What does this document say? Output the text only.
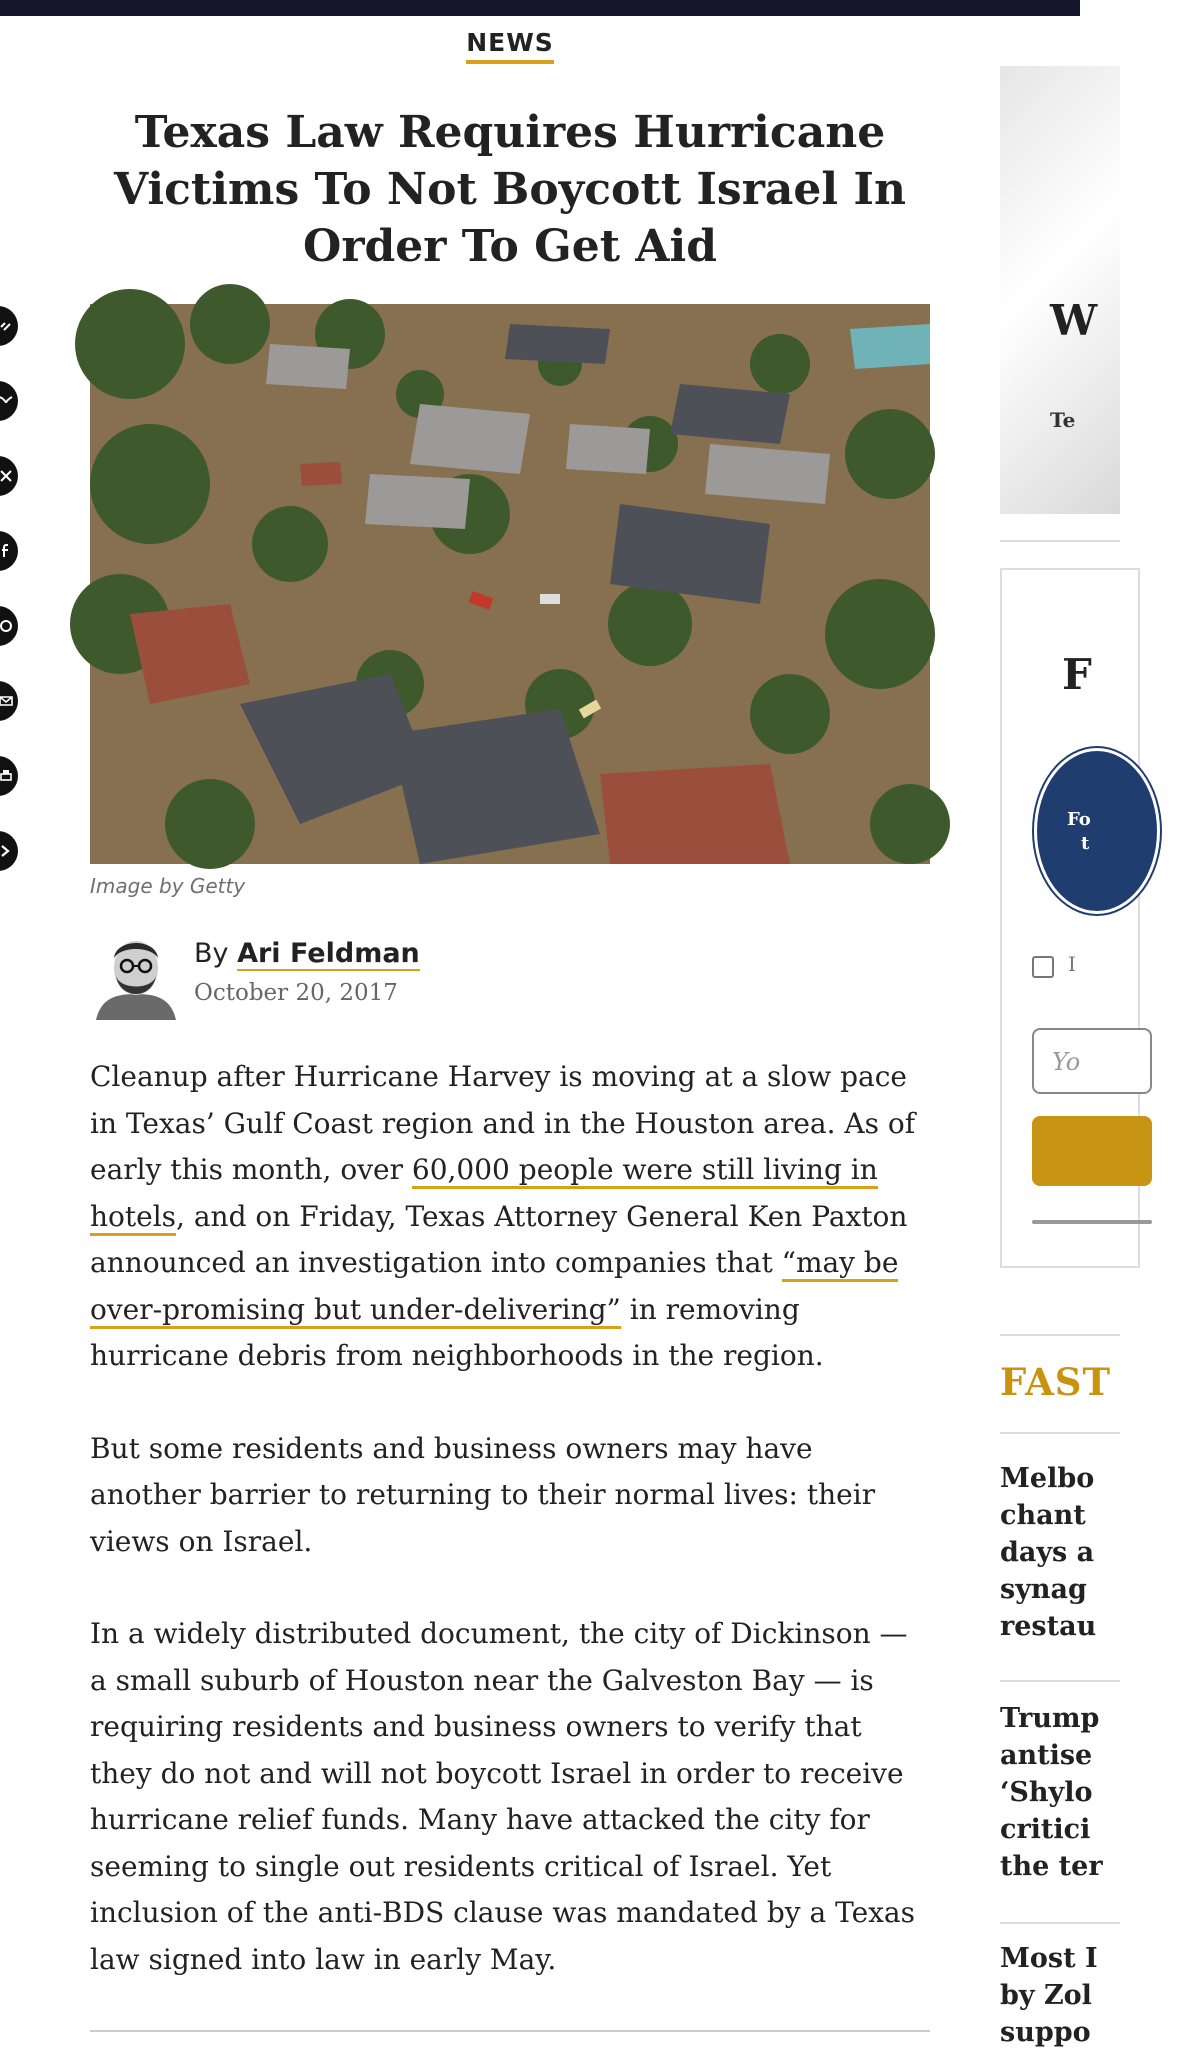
NEWS
Texas Law Requires Hurricane Victims To Not Boycott Israel In Order To Get Aid
Image by Getty
By Ari Feldman
October 20, 2017

Cleanup after Hurricane Harvey is moving at a slow pace in Texas’ Gulf Coast region and in the Houston area. As of early this month, over 60,000 people were still living in hotels, and on Friday, Texas Attorney General Ken Paxton announced an investigation into companies that “may be over-promising but under-delivering” in removing hurricane debris from neighborhoods in the region.

But some residents and business owners may have another barrier to returning to their normal lives: their views on Israel.

In a widely distributed document, the city of Dickinson — a small suburb of Houston near the Galveston Bay — is requiring residents and business owners to verify that they do not and will not boycott Israel in order to receive hurricane relief funds. Many have attacked the city for seeming to single out residents critical of Israel. Yet inclusion of the anti-BDS clause was mandated by a Texas law signed into law in early May.

W
Te
F
Fo
t
I
Yo
FAST
Melbo
chant
days a
synag
restau
Trump
antise
‘Shylo
critici
the ter
Most I
by Zol
suppo
